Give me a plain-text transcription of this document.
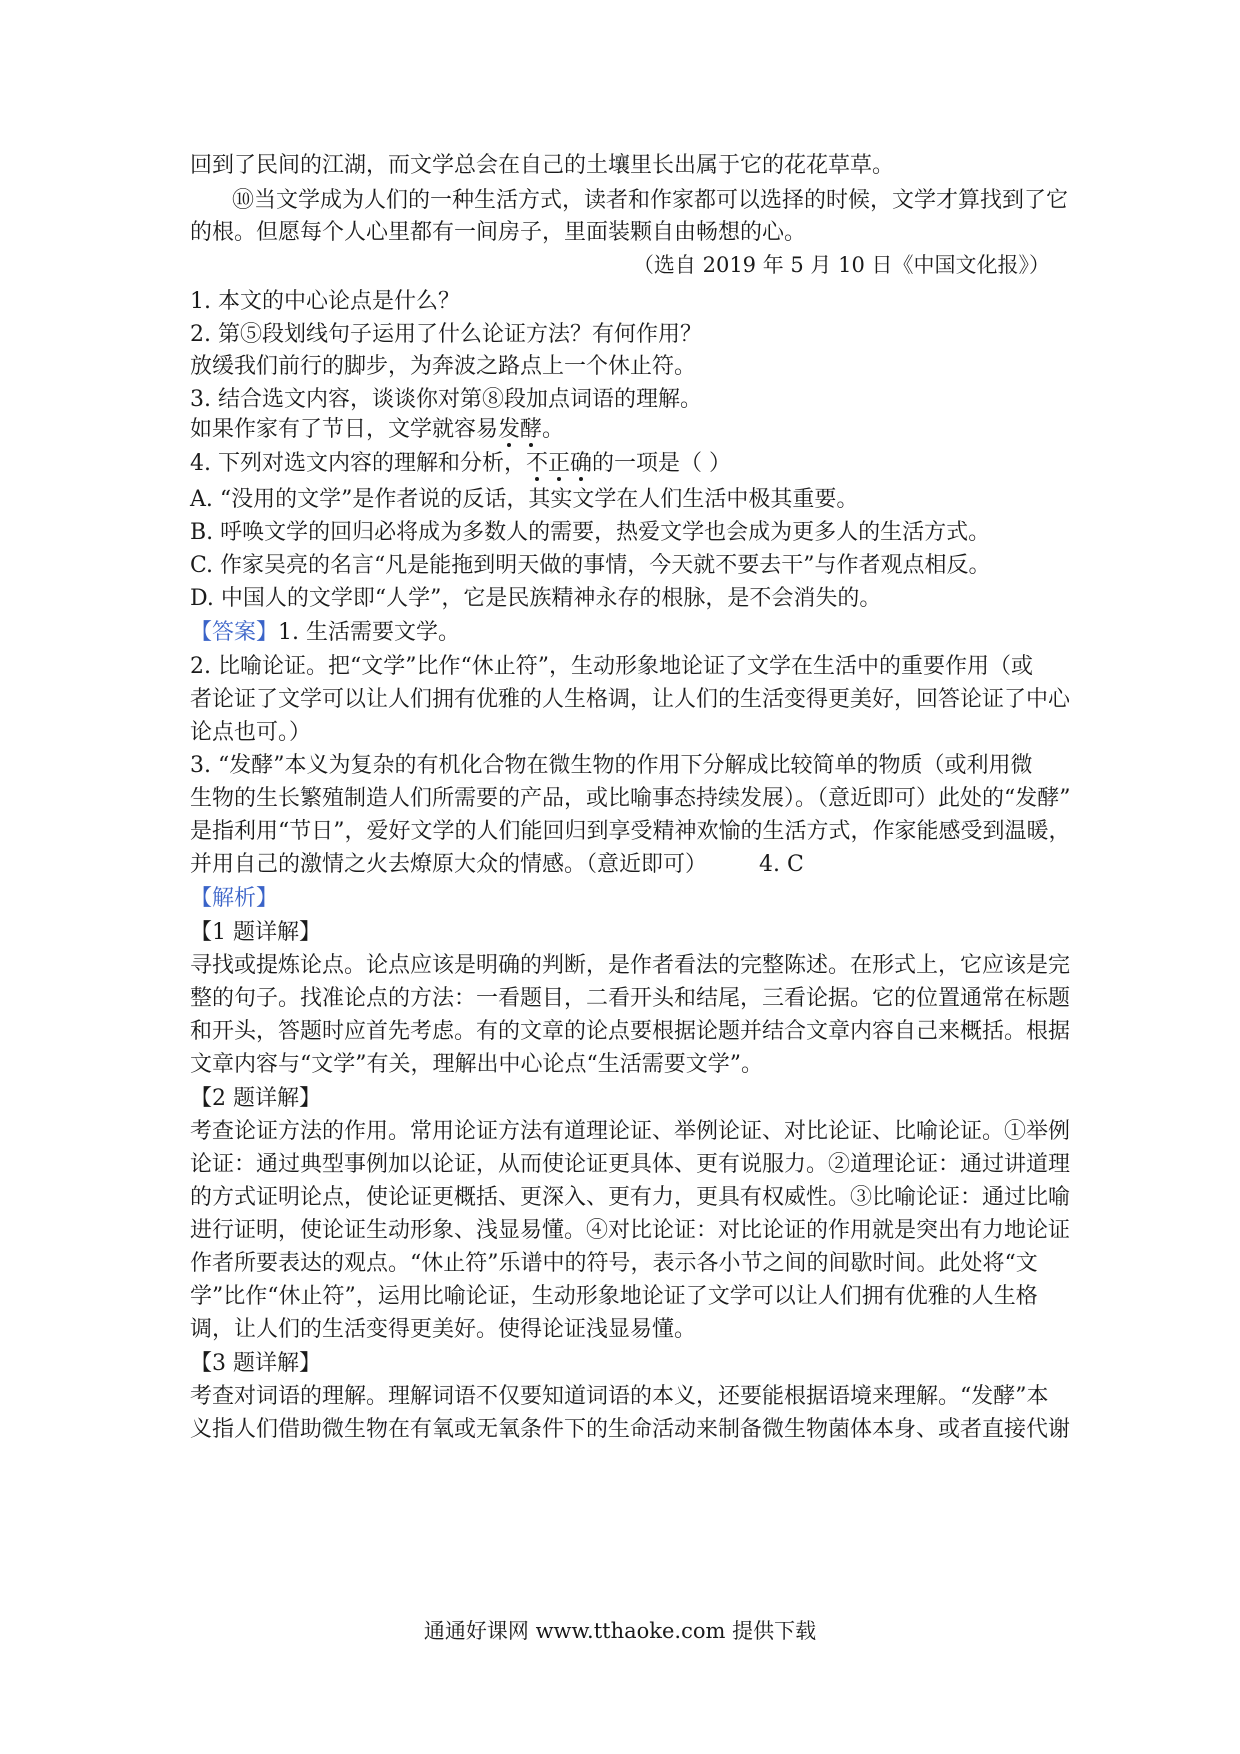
回到了民间的江湖，而文学总会在自己的土壤里长出属于它的花花草草。
⑩当文学成为人们的一种生活方式，读者和作家都可以选择的时候，文学才算找到了它
的根。但愿每个人心里都有一间房子，里面装颗自由畅想的心。
（选自 2019 年 5 月 10 日《中国文化报》）
1. 本文的中心论点是什么？
2. 第⑤段划线句子运用了什么论证方法？有何作用？
放缓我们前行的脚步，为奔波之路点上一个休止符。
3. 结合选文内容，谈谈你对第⑧段加点词语的理解。
如果作家有了节日，文学就容易发酵。
4. 下列对选文内容的理解和分析，不正确的一项是（ ）
A. “没用的文学”是作者说的反话，其实文学在人们生活中极其重要。
B. 呼唤文学的回归必将成为多数人的需要，热爱文学也会成为更多人的生活方式。
C. 作家吴亮的名言“凡是能拖到明天做的事情，今天就不要去干”与作者观点相反。
D. 中国人的文学即“人学”，它是民族精神永存的根脉，是不会消失的。
【答案】1. 生活需要文学。
2. 比喻论证。把“文学”比作“休止符”，生动形象地论证了文学在生活中的重要作用（或
者论证了文学可以让人们拥有优雅的人生格调，让人们的生活变得更美好，回答论证了中心
论点也可。）
3. “发酵”本义为复杂的有机化合物在微生物的作用下分解成比较简单的物质（或利用微
生物的生长繁殖制造人们所需要的产品，或比喻事态持续发展）。（意近即可）此处的“发酵”
是指利用“节日”，爱好文学的人们能回归到享受精神欢愉的生活方式，作家能感受到温暖，
并用自己的激情之火去燎原大众的情感。（意近即可） 4. C
【解析】
【1 题详解】
寻找或提炼论点。论点应该是明确的判断，是作者看法的完整陈述。在形式上，它应该是完
整的句子。找准论点的方法：一看题目，二看开头和结尾，三看论据。它的位置通常在标题
和开头，答题时应首先考虑。有的文章的论点要根据论题并结合文章内容自己来概括。根据
文章内容与“文学”有关，理解出中心论点“生活需要文学”。
【2 题详解】
考查论证方法的作用。常用论证方法有道理论证、举例论证、对比论证、比喻论证。①举例
论证：通过典型事例加以论证，从而使论证更具体、更有说服力。②道理论证：通过讲道理
的方式证明论点，使论证更概括、更深入、更有力，更具有权威性。③比喻论证：通过比喻
进行证明，使论证生动形象、浅显易懂。④对比论证：对比论证的作用就是突出有力地论证
作者所要表达的观点。“休止符”乐谱中的符号，表示各小节之间的间歇时间。此处将“文
学”比作“休止符”，运用比喻论证，生动形象地论证了文学可以让人们拥有优雅的人生格
调，让人们的生活变得更美好。使得论证浅显易懂。
【3 题详解】
考查对词语的理解。理解词语不仅要知道词语的本义，还要能根据语境来理解。“发酵”本
义指人们借助微生物在有氧或无氧条件下的生命活动来制备微生物菌体本身、或者直接代谢
通通好课网 www.tthaoke.com 提供下载
